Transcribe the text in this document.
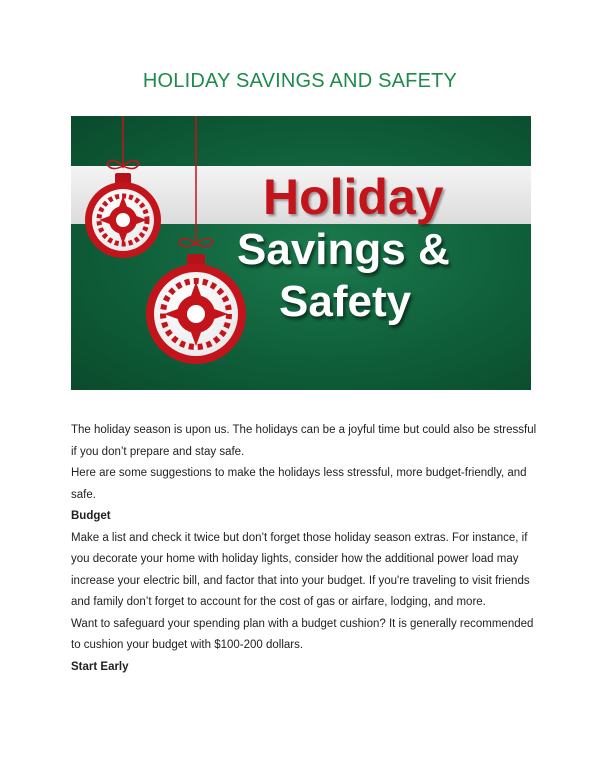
HOLIDAY SAVINGS AND SAFETY
Holiday
Savings &
Safety

The holiday season is upon us. The holidays can be a joyful time but could also be stressful if you don’t prepare and stay safe.

Here are some suggestions to make the holidays less stressful, more budget-friendly, and safe.

Budget

Make a list and check it twice but don’t forget those holiday season extras. For instance, if you decorate your home with holiday lights, consider how the additional power load may increase your electric bill, and factor that into your budget. If you're traveling to visit friends and family don’t forget to account for the cost of gas or airfare, lodging, and more.

Want to safeguard your spending plan with a budget cushion? It is generally recommended to cushion your budget with $100-200 dollars.

Start Early
